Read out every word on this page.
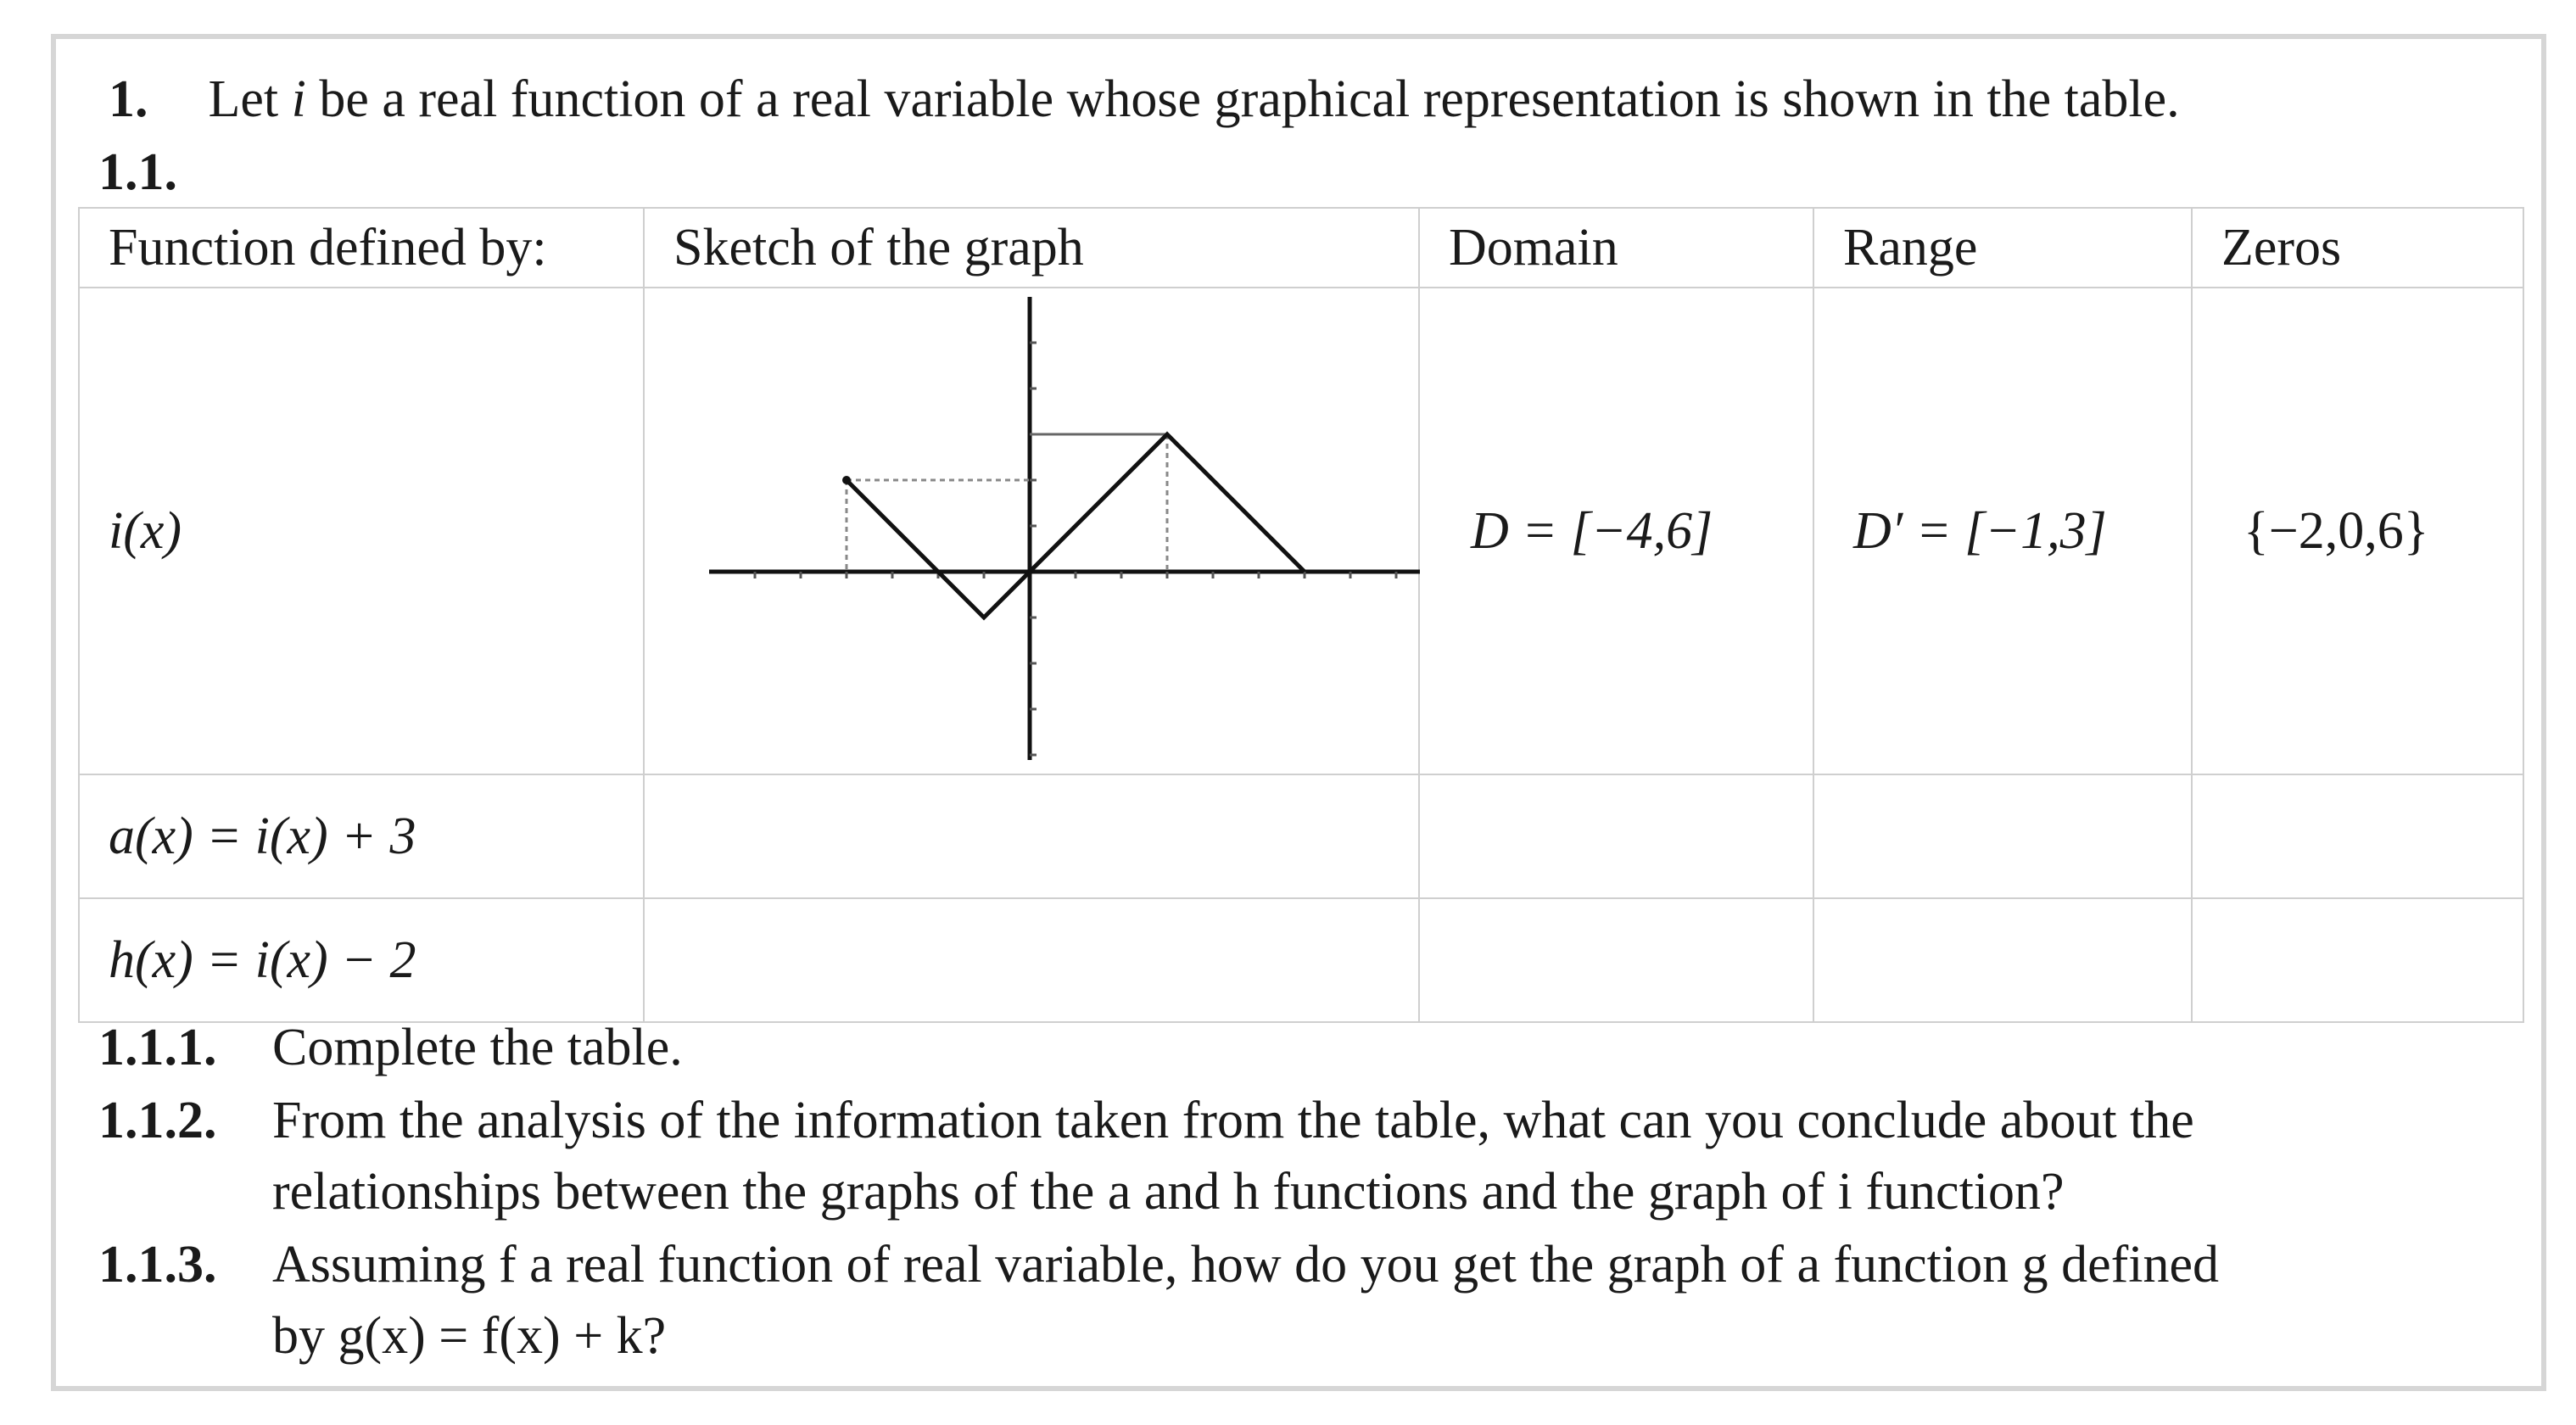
1. Let i be a real function of a real variable whose graphical representation is shown in the table.
1.1.
Function defined by:	Sketch of the graph	Domain	Range	Zeros
i(x)		D = [−4,6]	D′ = [−1,3]	{−2,0,6}
a(x) = i(x) + 3				
h(x) = i(x) − 2				
1.1.1. Complete the table.
1.1.2. From the analysis of the information taken from the table, what can you conclude about the
relationships between the graphs of the a and h functions and the graph of i function?
1.1.3. Assuming f a real function of real variable, how do you get the graph of a function g defined
by g(x) = f(x) + k?
